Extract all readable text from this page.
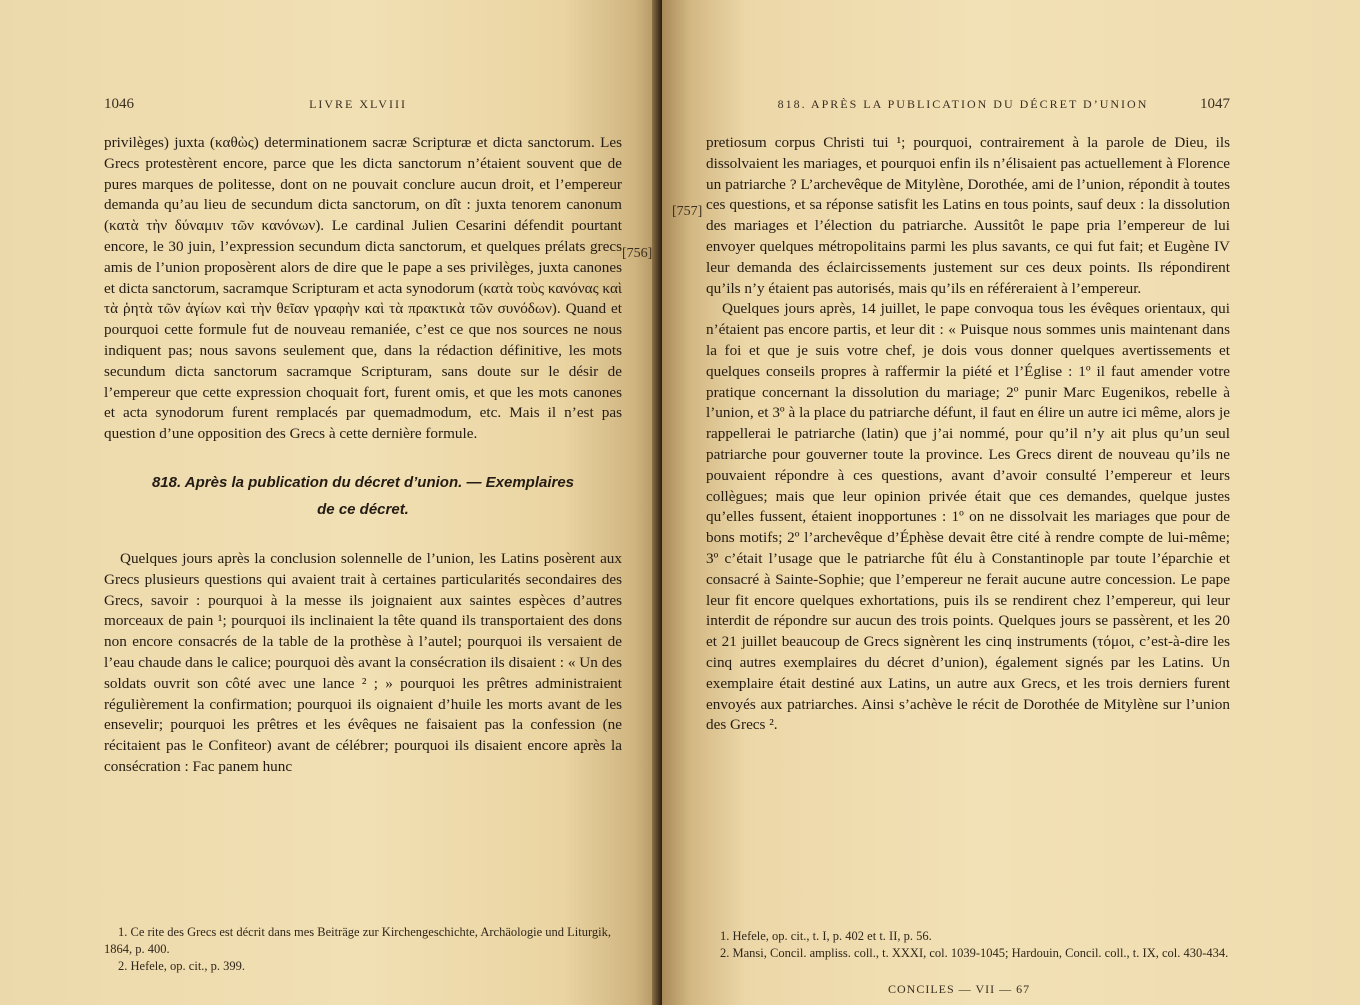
1046	LIVRE XLVIII

privilèges) juxta (καθὼς) determinationem sacræ Scripturæ et dicta sanctorum. Les Grecs protestèrent encore, parce que les dicta sanctorum n’étaient souvent que de pures marques de politesse, dont on ne pouvait conclure aucun droit, et l’empereur demanda qu’au lieu de secundum dicta sanctorum, on dît : juxta tenorem canonum (κατὰ τὴν δύναμιν τῶν κανόνων). Le cardinal Julien Cesarini défendit pourtant encore, le 30 juin, l’expression secundum dicta sanctorum, et quelques prélats grecs amis de l’union proposèrent alors de dire que le pape a ses privilèges, juxta canones et dicta sanctorum, sacramque Scripturam et acta synodorum (κατὰ τοὺς κανόνας καὶ τὰ ῥητὰ τῶν ἁγίων καὶ τὴν θεῖαν γραφὴν καὶ τὰ πρακτικὰ τῶν συνόδων). Quand et pourquoi cette formule fut de nouveau remaniée, c’est ce que nos sources ne nous indiquent pas; nous savons seulement que, dans la rédaction définitive, les mots secundum dicta sanctorum sacramque Scripturam, sans doute sur le désir de l’empereur que cette expression choquait fort, furent omis, et que les mots canones et acta synodorum furent remplacés par quemadmodum, etc. Mais il n’est pas question d’une opposition des Grecs à cette dernière formule.

818. Après la publication du décret d’union. — Exemplaires
de ce décret.

Quelques jours après la conclusion solennelle de l’union, les Latins posèrent aux Grecs plusieurs questions qui avaient trait à certaines particularités secondaires des Grecs, savoir : pourquoi à la messe ils joignaient aux saintes espèces d’autres morceaux de pain ¹; pourquoi ils inclinaient la tête quand ils transportaient des dons non encore consacrés de la table de la prothèse à l’autel; pourquoi ils versaient de l’eau chaude dans le calice; pourquoi dès avant la consécration ils disaient : « Un des soldats ouvrit son côté avec une lance ² ; » pourquoi les prêtres administraient régulièrement la confirmation; pourquoi ils oignaient d’huile les morts avant de les ensevelir; pourquoi les prêtres et les évêques ne faisaient pas la confession (ne récitaient pas le Confiteor) avant de célébrer; pourquoi ils disaient encore après la consécration : Fac panem hunc

1. Ce rite des Grecs est décrit dans mes Beiträge zur Kirchengeschichte, Archäologie und Liturgik, 1864, p. 400.

2. Hefele, op. cit., p. 399.

[756]
818. APRÈS LA PUBLICATION DU DÉCRET D’UNION	1047

pretiosum corpus Christi tui ¹; pourquoi, contrairement à la parole de Dieu, ils dissolvaient les mariages, et pourquoi enfin ils n’élisaient pas actuellement à Florence un patriarche ? L’archevêque de Mitylène, Dorothée, ami de l’union, répondit à toutes ces questions, et sa réponse satisfit les Latins en tous points, sauf deux : la dissolution des mariages et l’élection du patriarche. Aussitôt le pape pria l’empereur de lui envoyer quelques métropolitains parmi les plus savants, ce qui fut fait; et Eugène IV leur demanda des éclaircissements justement sur ces deux points. Ils répondirent qu’ils n’y étaient pas autorisés, mais qu’ils en référeraient à l’empereur.

Quelques jours après, 14 juillet, le pape convoqua tous les évêques orientaux, qui n’étaient pas encore partis, et leur dit : « Puisque nous sommes unis maintenant dans la foi et que je suis votre chef, je dois vous donner quelques avertissements et quelques conseils propres à raffermir la piété et l’Église : 1º il faut amender votre pratique concernant la dissolution du mariage; 2º punir Marc Eugenikos, rebelle à l’union, et 3º à la place du patriarche défunt, il faut en élire un autre ici même, alors je rappellerai le patriarche (latin) que j’ai nommé, pour qu’il n’y ait plus qu’un seul patriarche pour gouverner toute la province. Les Grecs dirent de nouveau qu’ils ne pouvaient répondre à ces questions, avant d’avoir consulté l’empereur et leurs collègues; mais que leur opinion privée était que ces demandes, quelque justes qu’elles fussent, étaient inopportunes : 1º on ne dissolvait les mariages que pour de bons motifs; 2º l’archevêque d’Éphèse devait être cité à rendre compte de lui-même; 3º c’était l’usage que le patriarche fût élu à Constantinople par toute l’éparchie et consacré à Sainte-Sophie; que l’empereur ne ferait aucune autre concession. Le pape leur fit encore quelques exhortations, puis ils se rendirent chez l’empereur, qui leur interdit de répondre sur aucun des trois points. Quelques jours se passèrent, et les 20 et 21 juillet beaucoup de Grecs signèrent les cinq instruments (τόμοι, c’est-à-dire les cinq autres exemplaires du décret d’union), également signés par les Latins. Un exemplaire était destiné aux Latins, un autre aux Grecs, et les trois derniers furent envoyés aux patriarches. Ainsi s’achève le récit de Dorothée de Mitylène sur l’union des Grecs ².

[757]

1. Hefele, op. cit., t. I, p. 402 et t. II, p. 56.

2. Mansi, Concil. ampliss. coll., t. XXXI, col. 1039-1045; Hardouin, Concil. coll., t. IX, col. 430-434.

CONCILES — VII — 67
